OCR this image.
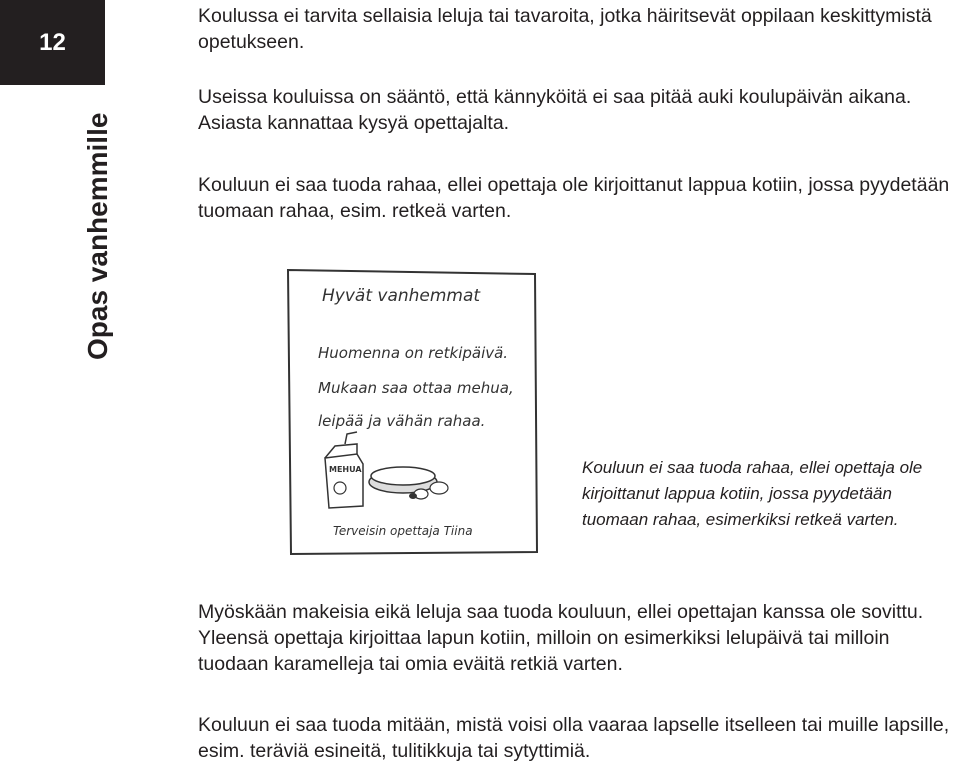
12
Opas vanhemmille

Koulussa ei tarvita sellaisia leluja tai tavaroita, jotka häiritsevät oppilaan keskittymistä opetukseen.

Useissa kouluissa on sääntö, että kännyköitä ei saa pitää auki koulupäivän aikana. Asiasta kannattaa kysyä opettajalta.

Kouluun ei saa tuoda rahaa, ellei opettaja ole kirjoittanut lappua kotiin, jossa pyydetään tuomaan rahaa, esim. retkeä varten.

Hyvät vanhemmat
Huomenna on retkipäivä.
Mukaan saa ottaa mehua,
leipää ja vähän rahaa.
MEHUA
Terveisin opettaja Tiina

Kouluun ei saa tuoda rahaa, ellei opettaja ole kirjoittanut lappua kotiin, jossa pyydetään tuomaan rahaa, esimerkiksi retkeä varten.

Myöskään makeisia eikä leluja saa tuoda kouluun, ellei opettajan kanssa ole sovittu. Yleensä opettaja kirjoittaa lapun kotiin, milloin on esimerkiksi lelupäivä tai milloin tuodaan karamelleja tai omia eväitä retkiä varten.

Kouluun ei saa tuoda mitään, mistä voisi olla vaaraa lapselle itselleen tai muille lapsille, esim. teräviä esineitä, tulitikkuja tai sytyttimiä.
